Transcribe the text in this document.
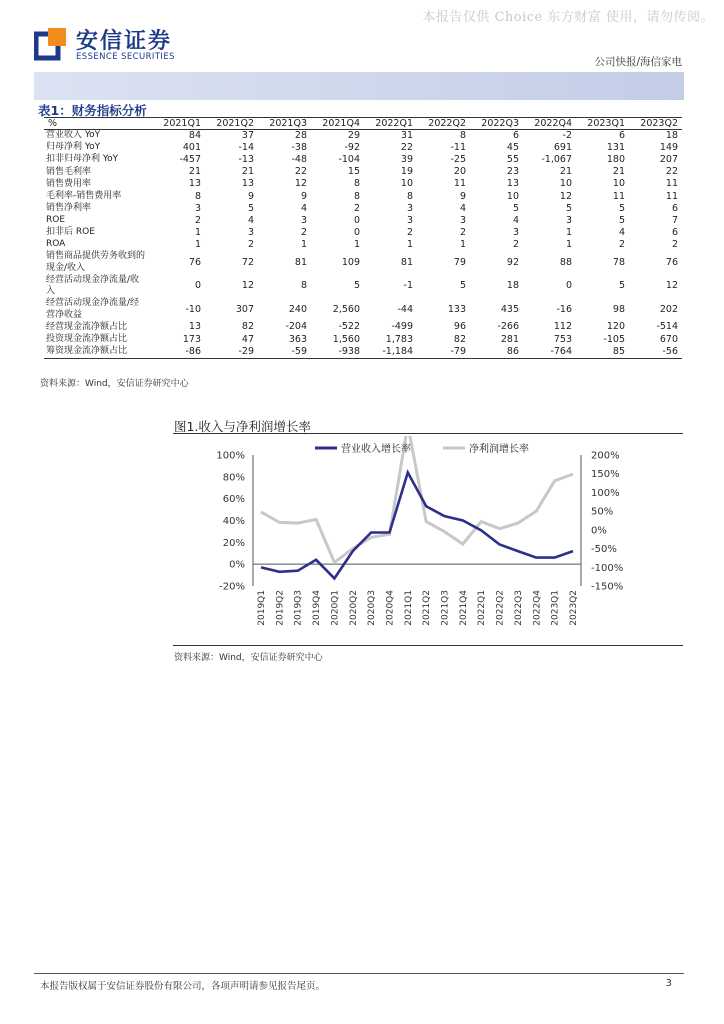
本报告仅供 Choice 东方财富 使用，请勿传阅。
安信证券
ESSENCE SECURITIES	公司快报/海信家电
表1：财务指标分析
%	2021Q1	2021Q2	2021Q3	2021Q4	2022Q1	2022Q2	2022Q3	2022Q4	2023Q1	2023Q2
营业收入 YoY	84	37	28	29	31	8	6	-2	6	18
归母净利 YoY	401	-14	-38	-92	22	-11	45	691	131	149
扣非归母净利 YoY	-457	-13	-48	-104	39	-25	55	-1,067	180	207
销售毛利率	21	21	22	15	19	20	23	21	21	22
销售费用率	13	13	12	8	10	11	13	10	10	11
毛利率-销售费用率	8	9	9	8	8	9	10	12	11	11
销售净利率	3	5	4	2	3	4	5	5	5	6
ROE	2	4	3	0	3	3	4	3	5	7
扣非后 ROE	1	3	2	0	2	2	3	1	4	6
ROA	1	2	1	1	1	1	2	1	2	2
销售商品提供劳务收到的现金/收入	76	72	81	109	81	79	92	88	78	76
经营活动现金净流量/收入	0	12	8	5	-1	5	18	0	5	12
经营活动现金净流量/经营净收益	-10	307	240	2,560	-44	133	435	-16	98	202
经营现金流净额占比	13	82	-204	-522	-499	96	-266	112	120	-514
投资现金流净额占比	173	47	363	1,560	1,783	82	281	753	-105	670
筹资现金流净额占比	-86	-29	-59	-938	-1,184	-79	86	-764	85	-56
资料来源：Wind，安信证券研究中心
图1.收入与净利润增长率
100%
80%
60%
40%
20%
0%
-20%
200%
150%
100%
50%
0%
-50%
-100%
-150%
2019Q1 2019Q2 2019Q3 2019Q4 2020Q1 2020Q2 2020Q3 2020Q4 2021Q1 2021Q2 2021Q3 2021Q4 2022Q1 2022Q2 2022Q3 2022Q4 2023Q1 2023Q2
营业收入增长率	净利润增长率
资料来源：Wind，安信证券研究中心
本报告版权属于安信证券股份有限公司，各项声明请参见报告尾页。	3
